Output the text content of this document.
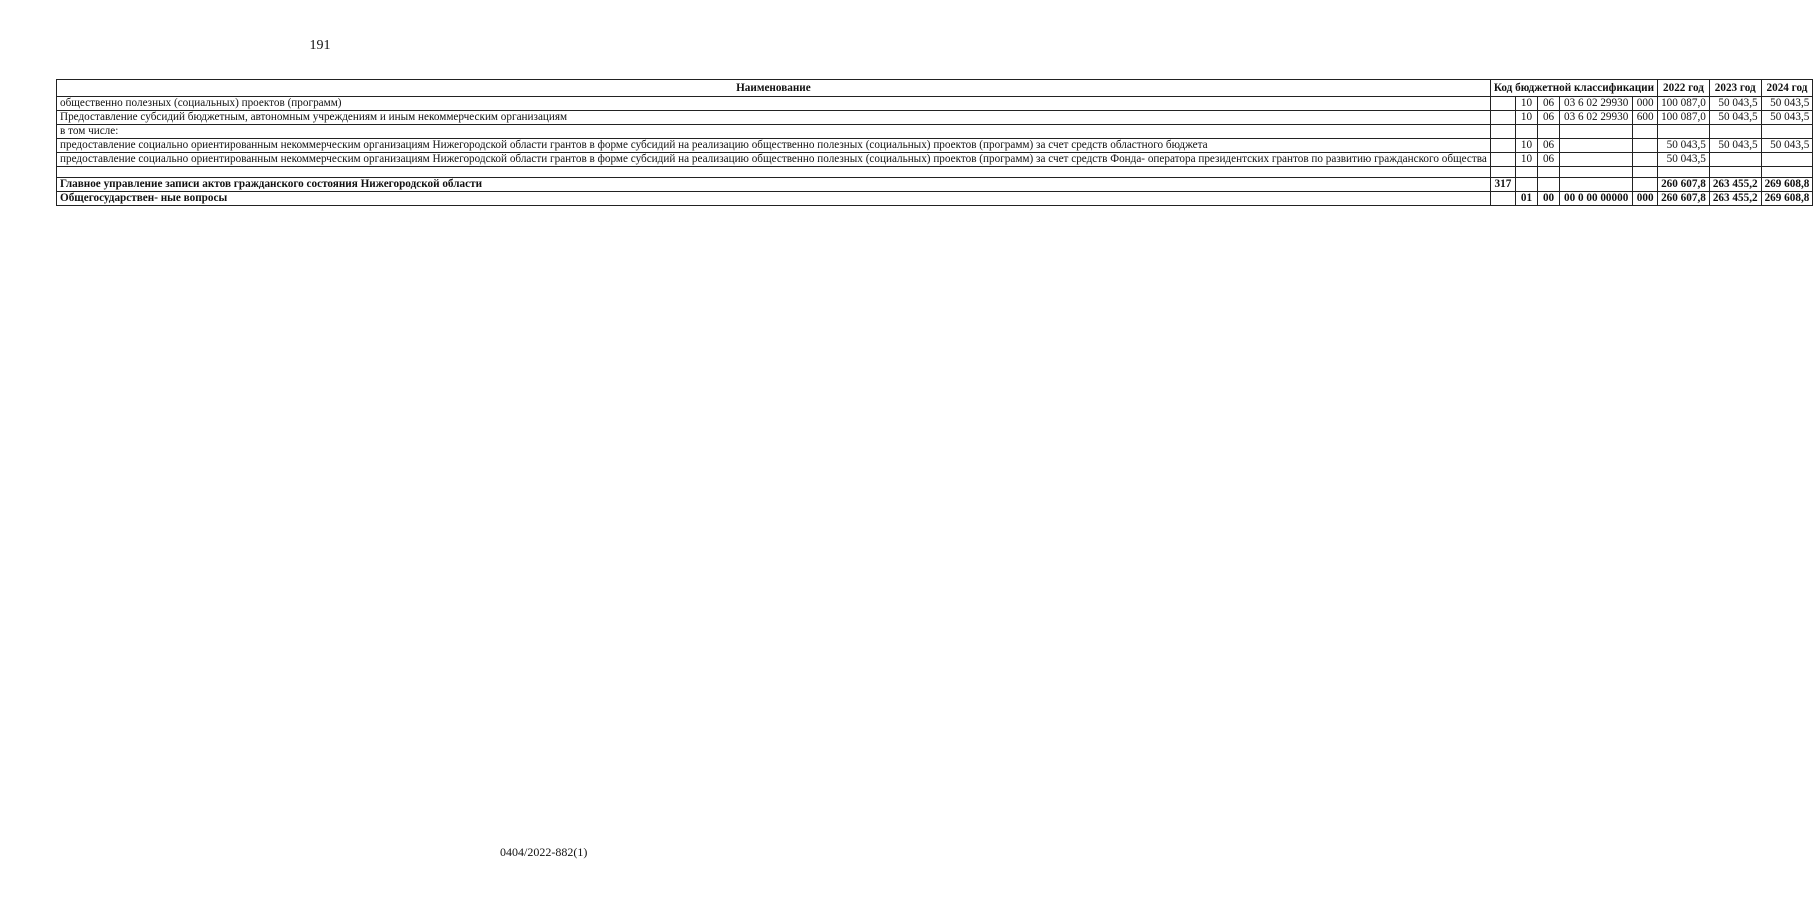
191
Наименование	Код бюджетной классификации					2022 год	2023 год	2024 год
общественно полезных (социальных) проектов (программ)		10	06	03 6 02 29930	000	100 087,0	50 043,5	50 043,5
Предоставление субсидий бюджетным, автономным учреждениям и иным некоммерческим организациям		10	06	03 6 02 29930	600	100 087,0	50 043,5	50 043,5
в том числе:								
предоставление социально ориентированным некоммерческим организациям Нижегородской области грантов в форме субсидий на реализацию общественно полезных (социальных) проектов (программ) за счет средств областного бюджета		10	06			50 043,5	50 043,5	50 043,5
предоставление социально ориентированным некоммерческим организациям Нижегородской области грантов в форме субсидий на реализацию общественно полезных (социальных) проектов (программ) за счет средств Фонда- оператора президентских грантов по развитию гражданского общества		10	06			50 043,5		

Главное управление записи актов гражданского состояния Нижегородской области	317					260 607,8	263 455,2	269 608,8
Общегосударствен- ные вопросы		01	00	00 0 00 00000	000	260 607,8	263 455,2	269 608,8
0404/2022-882(1)
